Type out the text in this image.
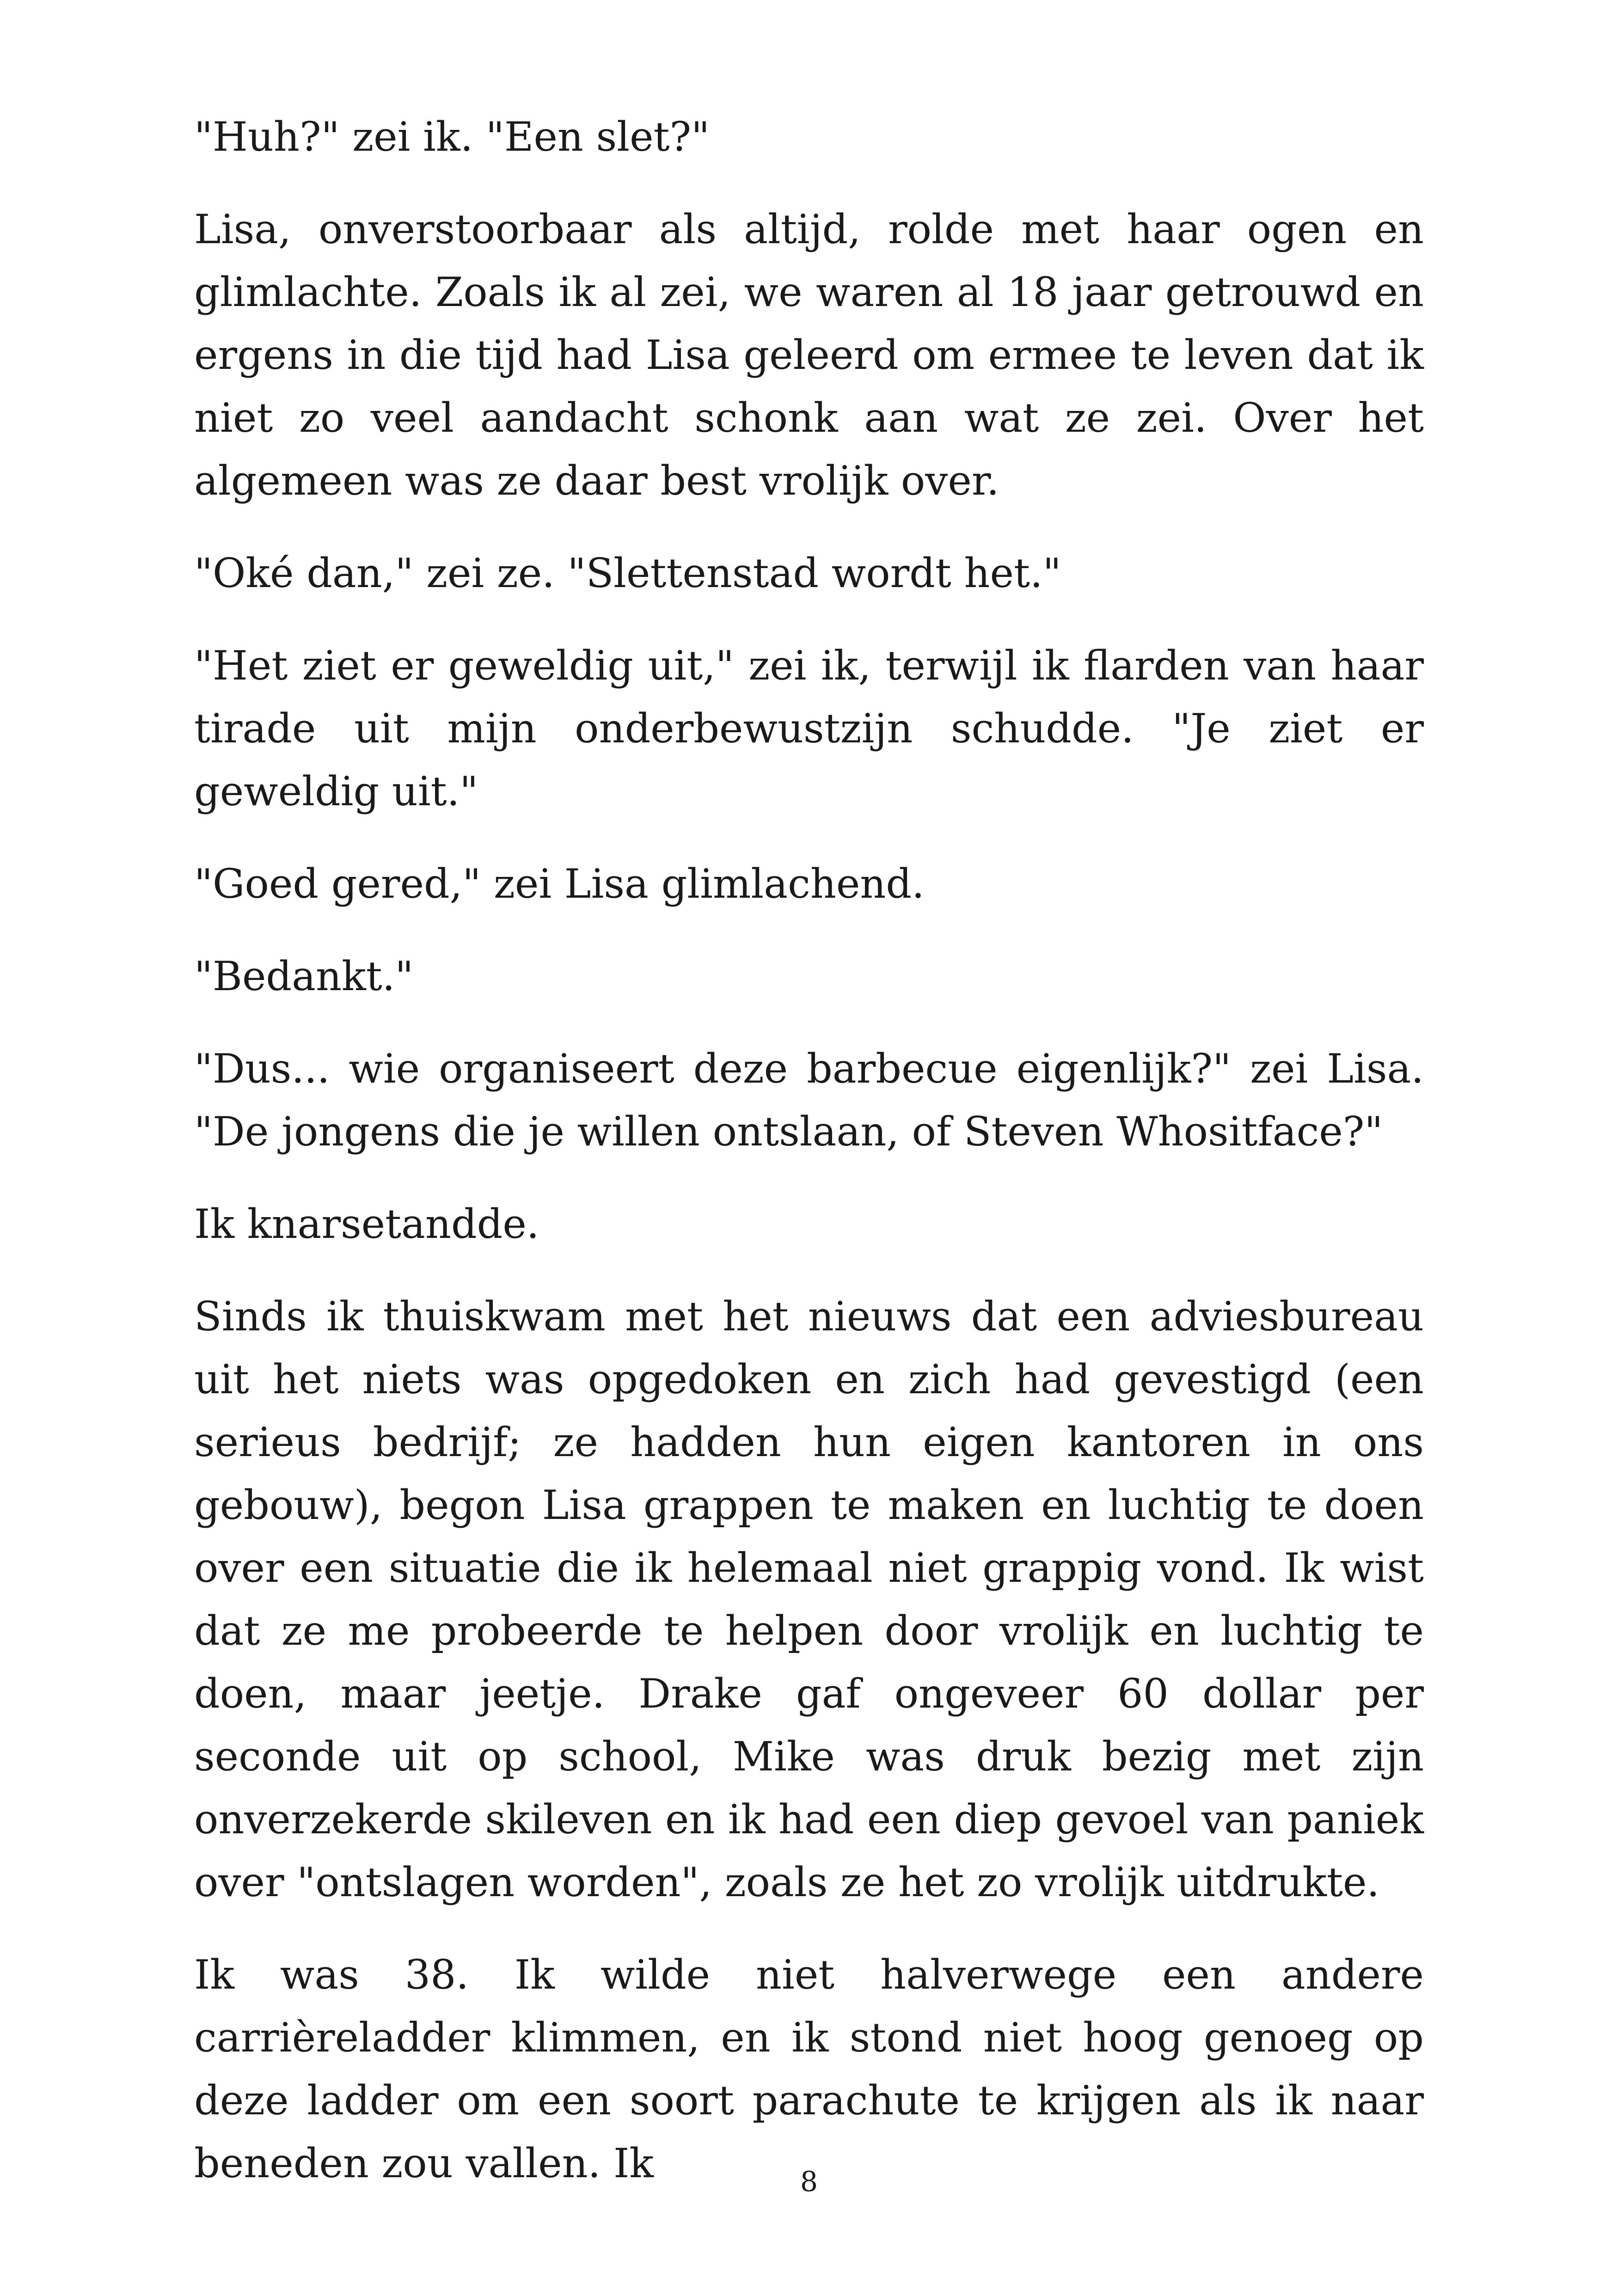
"Huh?" zei ik. "Een slet?"

Lisa, onverstoorbaar als altijd, rolde met haar ogen en glimlachte. Zoals ik al zei, we waren al 18 jaar getrouwd en ergens in die tijd had Lisa geleerd om ermee te leven dat ik niet zo veel aandacht schonk aan wat ze zei. Over het algemeen was ze daar best vrolijk over.

"Oké dan," zei ze. "Slettenstad wordt het."

"Het ziet er geweldig uit," zei ik, terwijl ik flarden van haar tirade uit mijn onderbewustzijn schudde. "Je ziet er geweldig uit."

"Goed gered," zei Lisa glimlachend.

"Bedankt."

"Dus... wie organiseert deze barbecue eigenlijk?" zei Lisa. "De jongens die je willen ontslaan, of Steven Whositface?"

Ik knarsetandde.

Sinds ik thuiskwam met het nieuws dat een adviesbureau uit het niets was opgedoken en zich had gevestigd (een serieus bedrijf; ze hadden hun eigen kantoren in ons gebouw), begon Lisa grappen te maken en luchtig te doen over een situatie die ik helemaal niet grappig vond. Ik wist dat ze me probeerde te helpen door vrolijk en luchtig te doen, maar jeetje. Drake gaf ongeveer 60 dollar per seconde uit op school, Mike was druk bezig met zijn onverzekerde skileven en ik had een diep gevoel van paniek over "ontslagen worden", zoals ze het zo vrolijk uitdrukte.

Ik was 38. Ik wilde niet halverwege een andere carrièreladder klimmen, en ik stond niet hoog genoeg op deze ladder om een soort parachute te krijgen als ik naar beneden zou vallen. Ik	8
